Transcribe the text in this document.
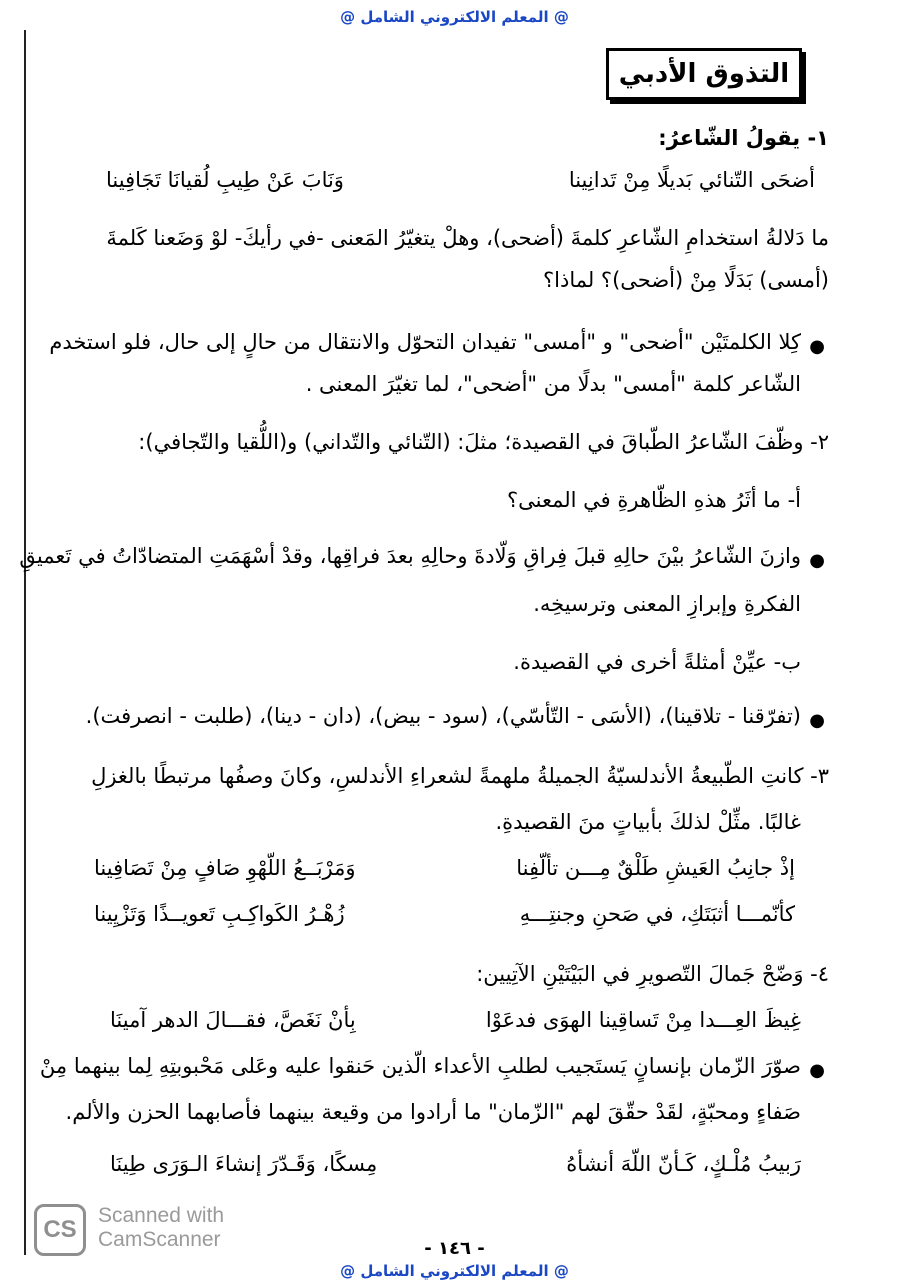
@ المعلم الالكتروني الشامل @
التذوق الأدبي
١- يقولُ الشّاعرُ:
أضحَى التّنائي بَديلًا مِنْ تَدانِينا
وَنَابَ عَنْ طِيبِ لُقيانَا تَجَافِينا
ما دَلالةُ استخدامِ الشّاعرِ كلمةَ (أضحى)، وهلْ يتغيّرُ المَعنى -في رأيكَ- لوْ وَضَعنا كَلمةَ
(أمسى) بَدَلًا مِنْ (أضحى)؟ لماذا؟
●
كِلا الكلمتَيْن "أضحى" و "أمسى" تفيدان التحوّل والانتقال من حالٍ إلى حال، فلو استخدم
الشّاعر كلمة "أمسى" بدلًا من "أضحى"، لما تغيّرَ المعنى .
٢- وظّفَ الشّاعرُ الطّباقَ في القصيدة؛ مثلَ: (التّنائي والتّداني) و(اللُّقيا والتّجافي):
أ- ما أثَرُ هذهِ الظّاهرةِ في المعنى؟
●
وازنَ الشّاعرُ بيْنَ حالِهِ قبلَ فِراقِ وَلّادةَ وحالِهِ بعدَ فراقِها، وقدْ أسْهَمَتِ المتضادّاتُ في تَعميقِ
الفكرةِ وإبرازِ المعنى وترسيخِه.
ب- عيِّنْ أمثلةً أخرى في القصيدة.
●
(تفرّقنا - تلاقينا)، (الأسَى - التّأسّي)، (سود - بيض)، (دان - دينا)، (طلبت - انصرفت).
٣- كانتِ الطّبيعةُ الأندلسيّةُ الجميلةُ ملهمةً لشعراءِ الأندلسِ، وكانَ وصفُها مرتبطًا بالغزلِ
غالبًا. مثِّلْ لذلكَ بأبياتٍ منَ القصيدةِ.
إذْ جانِبُ العَيشِ طَلْقٌ مِـــن تألّفِنا
وَمَرْبَــعُ اللّهْوِ صَافٍ مِنْ تَصَافِينا
كأنّمـــا أثبَتَكِ، في صَحنِ وجنتِـــهِ
زُهْـرُ الكَواكِـبِ تَعويــذًا وَتَزْيِينا
٤- وَضّحْ جَمالَ التّصويرِ في البَيْتَيْنِ الآتِيين:
غِيظَ العِـــدا مِنْ تَساقِينا الهوَى فدعَوْا
بِأنْ نَغَصَّ، فقـــالَ الدهر آمينَا
●
صوّرَ الزّمان بإنسانٍ يَستَجيب لطلبِ الأعداء الّذين حَنقوا عليه وعَلى مَحْبوبتِهِ لِما بينهما مِنْ
صَفاءٍ ومحبّةٍ، لقَدْ حقّقَ لهم "الزّمان" ما أرادوا من وقيعة بينهما فأصابهما الحزن والألم.
رَبيبُ مُلْـكٍ، كَـأنّ اللّهَ أنشأهُ
مِسكًا، وَقَـدّرَ إنشاءَ الـوَرَى طِينَا
CS
Scanned with
CamScanner	- ١٤٦ -
@ المعلم الالكتروني الشامل @
